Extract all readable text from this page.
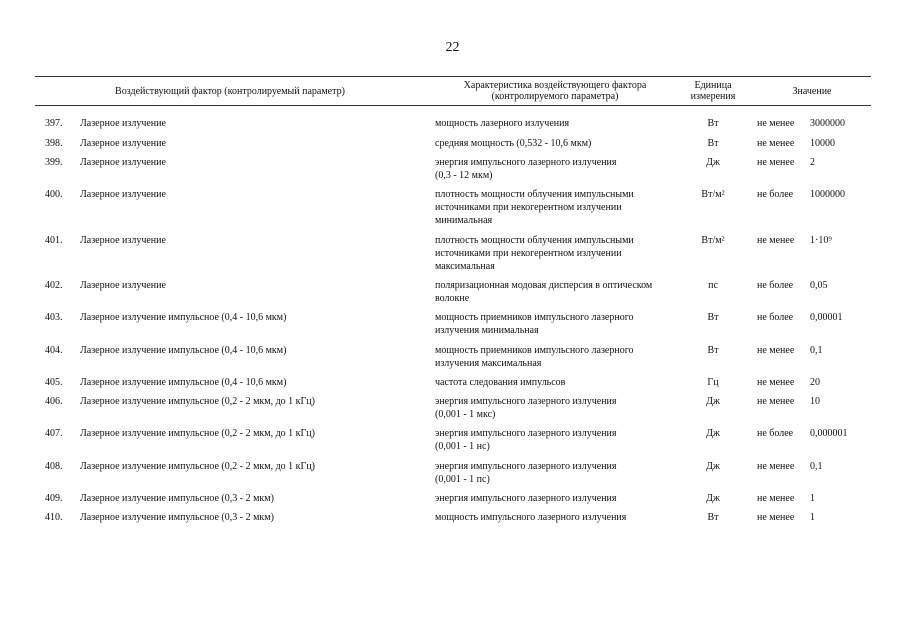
22
Воздействующий фактор (контролируемый параметр)
Характеристика воздействующего фактора
(контролируемого параметра)
Единица
измерения	Значение
397.	Лазерное излучение	мощность лазерного излучения	Вт	не менее	3000000
398.	Лазерное излучение	средняя мощность (0,532 - 10,6 мкм)	Вт	не менее	10000
399.	Лазерное излучение	энергия импульсного лазерного излучения
(0,3 - 12 мкм)
Дж	не менее	2
400.	Лазерное излучение	плотность мощности облучения импульсными
источниками при некогерентном излучении
минимальная
Вт/м²	не более	1000000
401.	Лазерное излучение	плотность мощности облучения импульсными
источниками при некогерентном излучении
максимальная
Вт/м²	не менее	1·10⁹
402.	Лазерное излучение	поляризационная модовая дисперсия в оптическом
волокне
пс	не более	0,05
403.	Лазерное излучение импульсное (0,4 - 10,6 мкм)	мощность приемников импульсного лазерного
излучения минимальная
Вт	не более	0,00001
404.	Лазерное излучение импульсное (0,4 - 10,6 мкм)	мощность приемников импульсного лазерного
излучения максимальная
Вт	не менее	0,1
405.	Лазерное излучение импульсное (0,4 - 10,6 мкм)	частота следования импульсов	Гц	не менее	20
406.	Лазерное излучение импульсное (0,2 - 2 мкм, до 1 кГц)	энергия импульсного лазерного излучения
(0,001 - 1 мкс)
Дж	не менее	10
407.	Лазерное излучение импульсное (0,2 - 2 мкм, до 1 кГц)	энергия импульсного лазерного излучения
(0,001 - 1 нс)
Дж	не более	0,000001
408.	Лазерное излучение импульсное (0,2 - 2 мкм, до 1 кГц)	энергия импульсного лазерного излучения
(0,001 - 1 пс)
Дж	не менее	0,1
409.	Лазерное излучение импульсное (0,3 - 2 мкм)	энергия импульсного лазерного излучения	Дж	не менее	1
410.	Лазерное излучение импульсное (0,3 - 2 мкм)	мощность импульсного лазерного излучения	Вт	не менее	1
